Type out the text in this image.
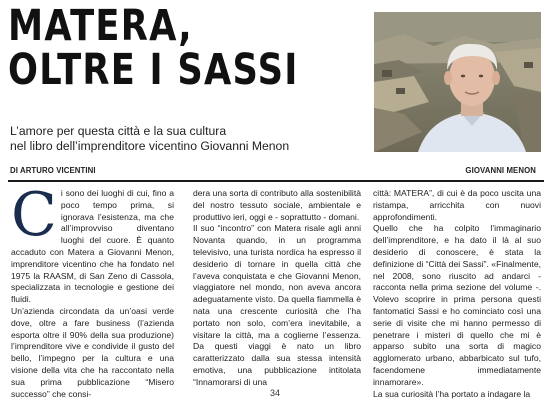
MATERA,
OLTRE I SASSI
L’amore per questa città e la sua cultura
nel libro dell’imprenditore vicentino Giovanni Menon
DI ARTURO VICENTINI	GIOVANNI MENON

Ci sono dei luoghi di cui, fino a poco tempo prima, si ignorava l’esistenza, ma che all’improvviso diventano luoghi del cuore. È quanto accaduto con Matera a Giovanni Menon, imprenditore vicentino che ha fondato nel 1975 la RAASM, di San Zeno di Cassola, specializzata in tecnologie e gestione dei fluidi.

Un’azienda circondata da un’oasi verde dove, oltre a fare business (l’azienda esporta oltre il 90% della sua produzione) l’imprenditore vive e condivide il gusto del bello, l’impegno per la cultura e una visione della vita che ha raccontato nella sua prima pubblicazione “Misero successo” che consi-

dera una sorta di contributo alla sostenibilità del nostro tessuto sociale, ambientale e produttivo ieri, oggi e - soprattutto - domani.

Il suo “incontro” con Matera risale agli anni Novanta quando, in un programma televisivo, una turista nordica ha espresso il desiderio di tornare in quella città che l’aveva conquistata e che Giovanni Menon, viaggiatore nel mondo, non aveva ancora adeguatamente visto. Da quella fiammella è nata una crescente curiosità che l’ha portato non solo, com’era inevitabile, a visitare la città, ma a coglierne l’essenza. Da questi viaggi è nato un libro caratterizzato dalla sua stessa intensità emotiva, una pubblicazione intitolata “Innamorarsi di una

città: MATERA”, di cui è da poco uscita una ristampa, arricchita con nuovi approfondimenti.

Quello che ha colpito l’immaginario dell’imprenditore, e ha dato il là al suo desiderio di conoscere, è stata la definizione di “Città dei Sassi”. «Finalmente, nel 2008, sono riuscito ad andarci - racconta nella prima sezione del volume -. Volevo scoprire in prima persona questi fantomatici Sassi e ho cominciato così una serie di visite che mi hanno permesso di penetrare i misteri di quello che mi è apparso subito una sorta di magico agglomerato urbano, abbarbicato sul tufo, facendomene immediatamente innamorare».

La sua curiosità l’ha portato a indagare la

34
